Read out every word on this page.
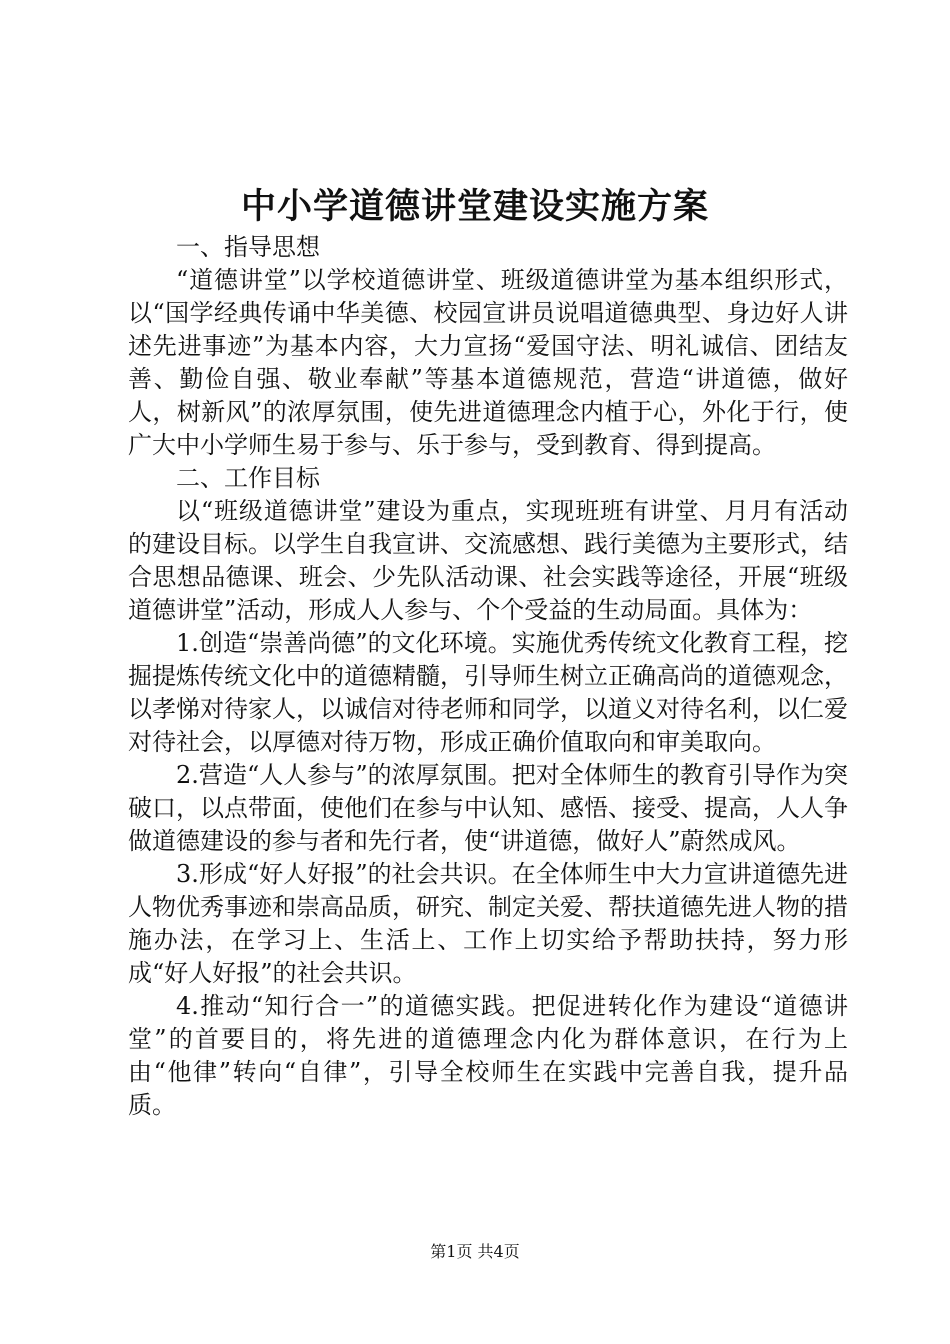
中小学道德讲堂建设实施方案

一、指导思想

“道德讲堂”以学校道德讲堂、班级道德讲堂为基本组织形式，以“国学经典传诵中华美德、校园宣讲员说唱道德典型、身边好人讲述先进事迹”为基本内容，大力宣扬“爱国守法、明礼诚信、团结友善、勤俭自强、敬业奉献”等基本道德规范，营造“讲道德，做好人，树新风”的浓厚氛围，使先进道德理念内植于心，外化于行，使广大中小学师生易于参与、乐于参与，受到教育、得到提高。

二、工作目标

以“班级道德讲堂”建设为重点，实现班班有讲堂、月月有活动的建设目标。以学生自我宣讲、交流感想、践行美德为主要形式，结合思想品德课、班会、少先队活动课、社会实践等途径，开展“班级道德讲堂”活动，形成人人参与、个个受益的生动局面。具体为：

1.创造“崇善尚德”的文化环境。实施优秀传统文化教育工程，挖掘提炼传统文化中的道德精髓，引导师生树立正确高尚的道德观念，以孝悌对待家人，以诚信对待老师和同学，以道义对待名利，以仁爱对待社会，以厚德对待万物，形成正确价值取向和审美取向。

2.营造“人人参与”的浓厚氛围。把对全体师生的教育引导作为突破口，以点带面，使他们在参与中认知、感悟、接受、提高，人人争做道德建设的参与者和先行者，使“讲道德，做好人”蔚然成风。

3.形成“好人好报”的社会共识。在全体师生中大力宣讲道德先进人物优秀事迹和崇高品质，研究、制定关爱、帮扶道德先进人物的措施办法，在学习上、生活上、工作上切实给予帮助扶持，努力形成“好人好报”的社会共识。

4.推动“知行合一”的道德实践。把促进转化作为建设“道德讲堂”的首要目的，将先进的道德理念内化为群体意识，在行为上由“他律”转向“自律”，引导全校师生在实践中完善自我，提升品质。

第1页 共4页
